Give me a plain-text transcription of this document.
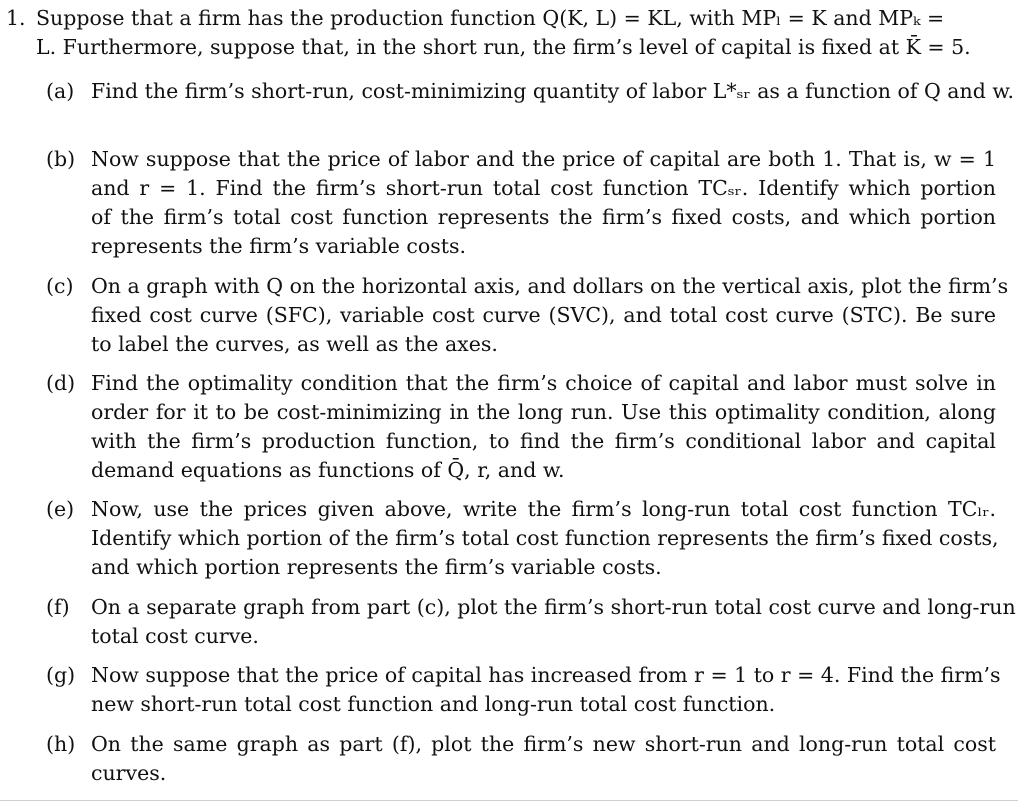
1. Suppose that a firm has the production function Q(K, L) = KL, with MPₗ = K and MPₖ =
L. Furthermore, suppose that, in the short run, the firm’s level of capital is fixed at K̄ = 5.
(a) Find the firm’s short-run, cost-minimizing quantity of labor L*ₛᵣ as a function of Q and w.
(b) Now suppose that the price of labor and the price of capital are both 1. That is, w = 1
and r = 1. Find the firm’s short-run total cost function TCₛᵣ. Identify which portion
of the firm’s total cost function represents the firm’s fixed costs, and which portion
represents the firm’s variable costs.
(c) On a graph with Q on the horizontal axis, and dollars on the vertical axis, plot the firm’s
fixed cost curve (SFC), variable cost curve (SVC), and total cost curve (STC). Be sure
to label the curves, as well as the axes.
(d) Find the optimality condition that the firm’s choice of capital and labor must solve in
order for it to be cost-minimizing in the long run. Use this optimality condition, along
with the firm’s production function, to find the firm’s conditional labor and capital
demand equations as functions of Q̄, r, and w.
(e) Now, use the prices given above, write the firm’s long-run total cost function TCₗᵣ.
Identify which portion of the firm’s total cost function represents the firm’s fixed costs,
and which portion represents the firm’s variable costs.
(f)	On a separate graph from part (c), plot the firm’s short-run total cost curve and long-run
total cost curve.
(g) Now suppose that the price of capital has increased from r = 1 to r = 4. Find the firm’s
new short-run total cost function and long-run total cost function.
(h) On the same graph as part (f), plot the firm’s new short-run and long-run total cost
curves.
